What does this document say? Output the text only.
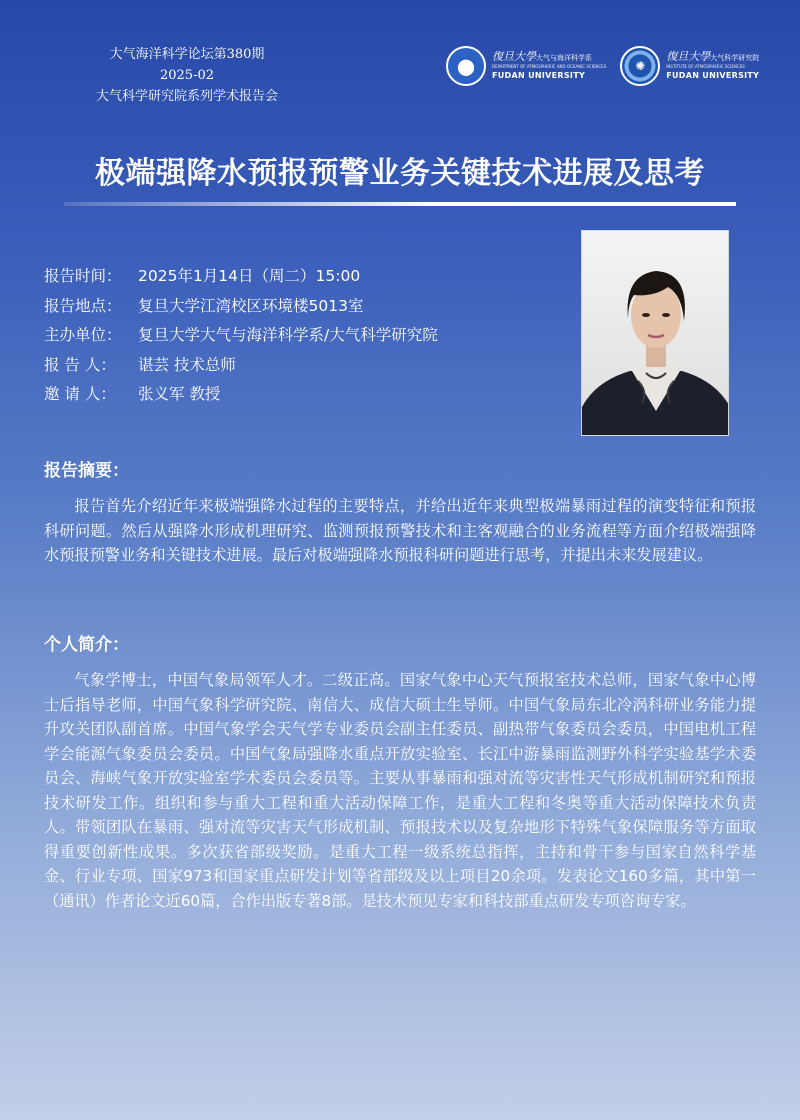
大气海洋科学论坛第380期
2025-02
大气科学研究院系列学术报告会
◉
復旦大學大气与海洋科学系
DEPARTMENT OF ATMOSPHERIC AND OCEANIC SCIENCES
FUDAN UNIVERSITY
✺
復旦大學大气科学研究院
INSTITUTE OF ATMOSPHERIC SCIENCES
FUDAN UNIVERSITY
极端强降水预报预警业务关键技术进展及思考
报告时间：	2025年1月14日（周二）15:00
报告地点：	复旦大学江湾校区环境楼5013室
主办单位：	复旦大学大气与海洋科学系/大气科学研究院
报 告 人：	谌芸 技术总师
邀 请 人：	张义军 教授
报告摘要：

报告首先介绍近年来极端强降水过程的主要特点，并给出近年来典型极端暴雨过程的演变特征和预报科研问题。然后从强降水形成机理研究、监测预报预警技术和主客观融合的业务流程等方面介绍极端强降水预报预警业务和关键技术进展。最后对极端强降水预报科研问题进行思考，并提出未来发展建议。

个人简介：

气象学博士，中国气象局领军人才。二级正高。国家气象中心天气预报室技术总师，国家气象中心博士后指导老师，中国气象科学研究院、南信大、成信大硕士生导师。中国气象局东北冷涡科研业务能力提升攻关团队副首席。中国气象学会天气学专业委员会副主任委员、副热带气象委员会委员，中国电机工程学会能源气象委员会委员。中国气象局强降水重点开放实验室、长江中游暴雨监测野外科学实验基学术委员会、海峡气象开放实验室学术委员会委员等。主要从事暴雨和强对流等灾害性天气形成机制研究和预报技术研发工作。组织和参与重大工程和重大活动保障工作，是重大工程和冬奥等重大活动保障技术负责人。带领团队在暴雨、强对流等灾害天气形成机制、预报技术以及复杂地形下特殊气象保障服务等方面取得重要创新性成果。多次获省部级奖励。是重大工程一级系统总指挥，主持和骨干参与国家自然科学基金、行业专项、国家973和国家重点研发计划等省部级及以上项目20余项。发表论文160多篇，其中第一（通讯）作者论文近60篇，合作出版专著8部。是技术预见专家和科技部重点研发专项咨询专家。
